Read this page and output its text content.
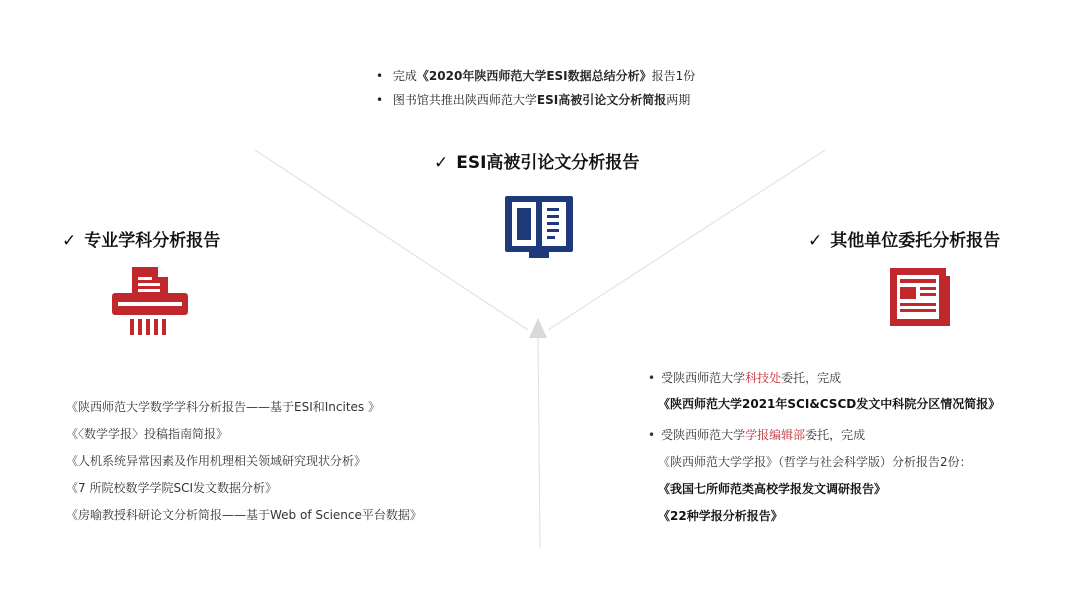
• 完成《2020年陕西师范大学ESI数据总结分析》报告1份
• 图书馆共推出陕西师范大学ESI高被引论文分析简报两期
✓ ESI高被引论文分析报告
✓ 专业学科分析报告
《陕西师范大学数学学科分析报告——基于ESI和Incites 》
《〈数学学报〉投稿指南简报》
《人机系统异常因素及作用机理相关领域研究现状分析》
《7 所院校数学学院SCI发文数据分析》
《房喻教授科研论文分析简报——基于Web of Science平台数据》
✓ 其他单位委托分析报告
• 受陕西师范大学科技处委托，完成
《陕西师范大学2021年SCI&CSCD发文中科院分区情况简报》
• 受陕西师范大学学报编辑部委托，完成
《陕西师范大学学报》（哲学与社会科学版）分析报告2份：
《我国七所师范类高校学报发文调研报告》
《22种学报分析报告》
